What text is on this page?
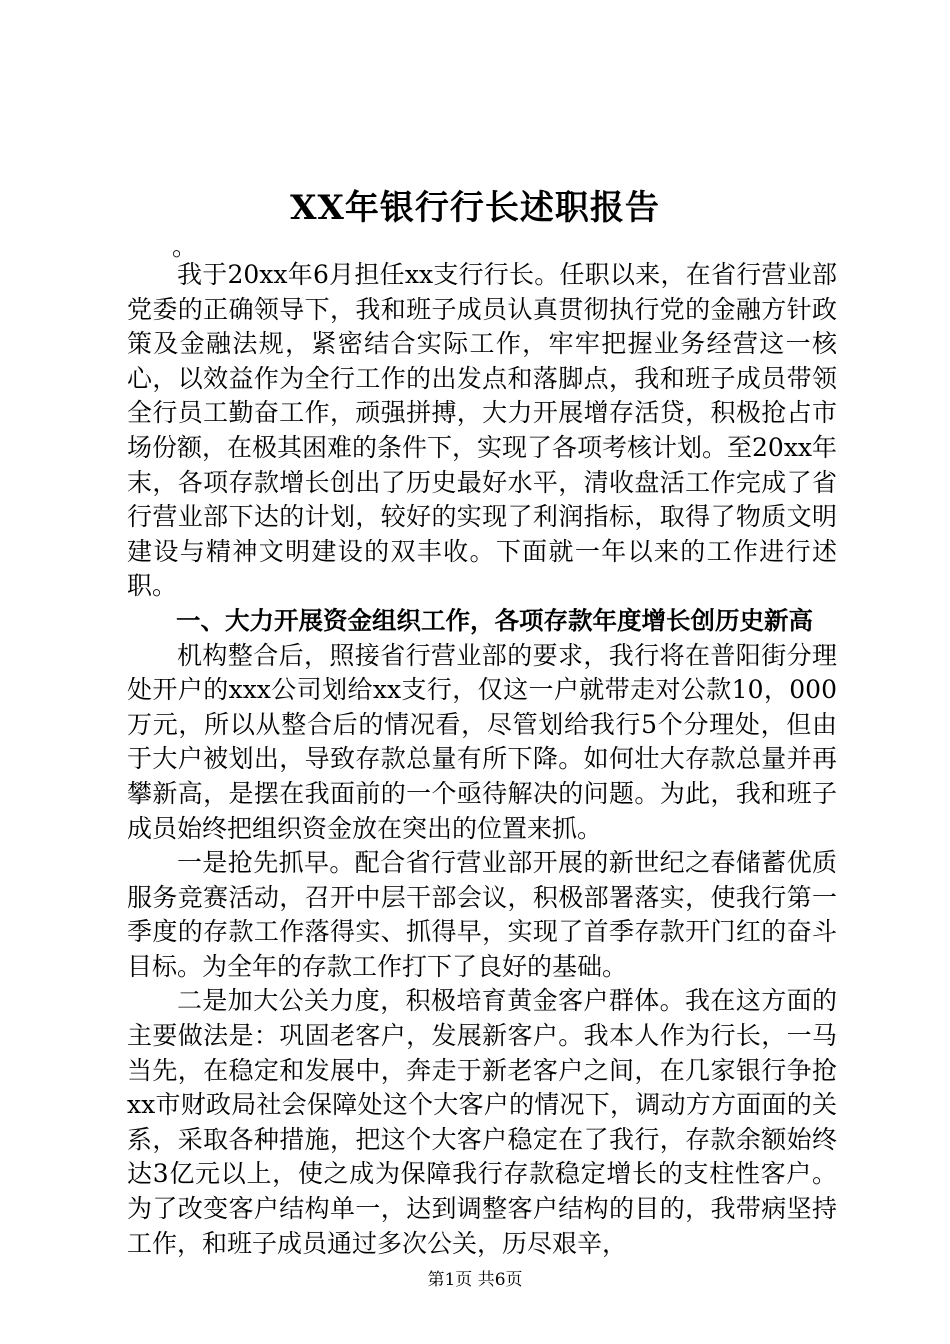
XX年银行行长述职报告

。

我于20xx年6月担任xx支行行长。任职以来，在省行营业部党委的正确领导下，我和班子成员认真贯彻执行党的金融方针政策及金融法规，紧密结合实际工作，牢牢把握业务经营这一核心，以效益作为全行工作的出发点和落脚点，我和班子成员带领全行员工勤奋工作，顽强拼搏，大力开展增存活贷，积极抢占市场份额，在极其困难的条件下，实现了各项考核计划。至20xx年末，各项存款增长创出了历史最好水平，清收盘活工作完成了省行营业部下达的计划，较好的实现了利润指标，取得了物质文明建设与精神文明建设的双丰收。下面就一年以来的工作进行述职。

一、大力开展资金组织工作，各项存款年度增长创历史新高

机构整合后，照接省行营业部的要求，我行将在普阳街分理处开户的xxx公司划给xx支行，仅这一户就带走对公款10，000万元，所以从整合后的情况看，尽管划给我行5个分理处，但由于大户被划出，导致存款总量有所下降。如何壮大存款总量并再攀新高，是摆在我面前的一个亟待解决的问题。为此，我和班子成员始终把组织资金放在突出的位置来抓。

一是抢先抓早。配合省行营业部开展的新世纪之春储蓄优质服务竞赛活动，召开中层干部会议，积极部署落实，使我行第一季度的存款工作落得实、抓得早，实现了首季存款开门红的奋斗目标。为全年的存款工作打下了良好的基础。

二是加大公关力度，积极培育黄金客户群体。我在这方面的主要做法是：巩固老客户，发展新客户。我本人作为行长，一马当先，在稳定和发展中，奔走于新老客户之间，在几家银行争抢xx市财政局社会保障处这个大客户的情况下，调动方方面面的关系，采取各种措施，把这个大客户稳定在了我行，存款余额始终达3亿元以上，使之成为保障我行存款稳定增长的支柱性客户。为了改变客户结构单一，达到调整客户结构的目的，我带病坚持工作，和班子成员通过多次公关，历尽艰辛，

第1页 共6页
